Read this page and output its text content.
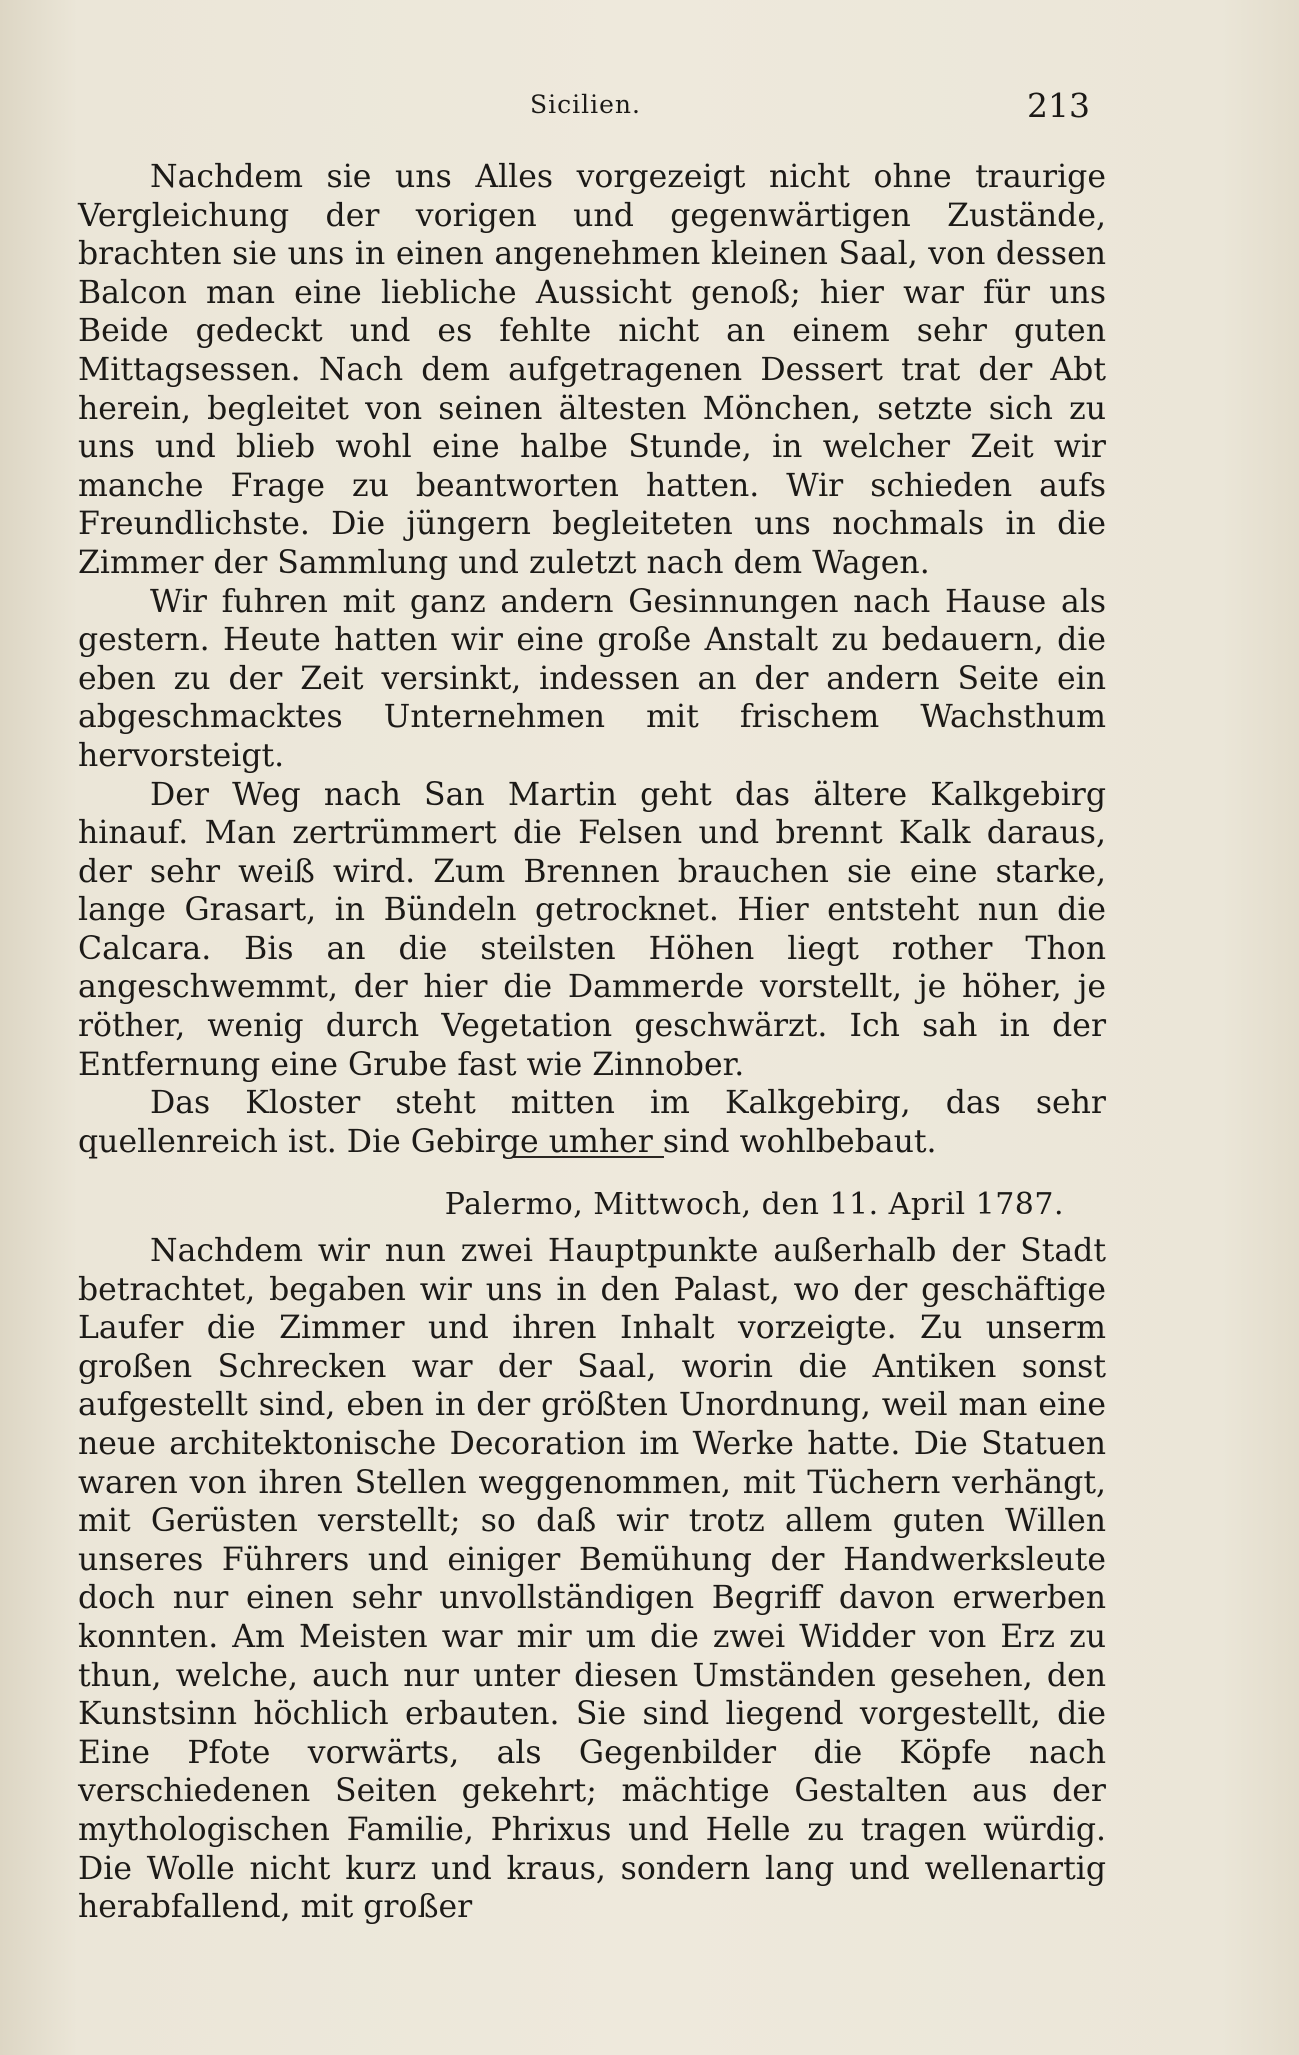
Sicilien.	213

Nachdem sie uns Alles vorgezeigt nicht ohne traurige Vergleichung der vorigen und gegenwärtigen Zustände, brachten sie uns in einen angenehmen kleinen Saal, von dessen Balcon man eine liebliche Aussicht genoß; hier war für uns Beide gedeckt und es fehlte nicht an einem sehr guten Mittagsessen. Nach dem aufgetragenen Dessert trat der Abt herein, begleitet von seinen ältesten Mönchen, setzte sich zu uns und blieb wohl eine halbe Stunde, in welcher Zeit wir manche Frage zu beantworten hatten. Wir schieden aufs Freundlichste. Die jüngern begleiteten uns nochmals in die Zimmer der Sammlung und zuletzt nach dem Wagen.

Wir fuhren mit ganz andern Gesinnungen nach Hause als gestern. Heute hatten wir eine große Anstalt zu bedauern, die eben zu der Zeit versinkt, indessen an der andern Seite ein abgeschmacktes Unternehmen mit frischem Wachsthum hervorsteigt.

Der Weg nach San Martin geht das ältere Kalkgebirg hinauf. Man zertrümmert die Felsen und brennt Kalk daraus, der sehr weiß wird. Zum Brennen brauchen sie eine starke, lange Grasart, in Bündeln getrocknet. Hier entsteht nun die Calcara. Bis an die steilsten Höhen liegt rother Thon angeschwemmt, der hier die Dammerde vorstellt, je höher, je röther, wenig durch Vegetation geschwärzt. Ich sah in der Entfernung eine Grube fast wie Zinnober.

Das Kloster steht mitten im Kalkgebirg, das sehr quellenreich ist. Die Gebirge umher sind wohlbebaut.

Palermo, Mittwoch, den 11. April 1787.

Nachdem wir nun zwei Hauptpunkte außerhalb der Stadt betrachtet, begaben wir uns in den Palast, wo der geschäftige Laufer die Zimmer und ihren Inhalt vorzeigte. Zu unserm großen Schrecken war der Saal, worin die Antiken sonst aufgestellt sind, eben in der größten Unordnung, weil man eine neue architektonische Decoration im Werke hatte. Die Statuen waren von ihren Stellen weggenommen, mit Tüchern verhängt, mit Gerüsten verstellt; so daß wir trotz allem guten Willen unseres Führers und einiger Bemühung der Handwerksleute doch nur einen sehr unvollständigen Begriff davon erwerben konnten. Am Meisten war mir um die zwei Widder von Erz zu thun, welche, auch nur unter diesen Umständen gesehen, den Kunstsinn höchlich erbauten. Sie sind liegend vorgestellt, die Eine Pfote vorwärts, als Gegenbilder die Köpfe nach verschiedenen Seiten gekehrt; mächtige Gestalten aus der mythologischen Familie, Phrixus und Helle zu tragen würdig. Die Wolle nicht kurz und kraus, sondern lang und wellenartig herabfallend, mit großer
